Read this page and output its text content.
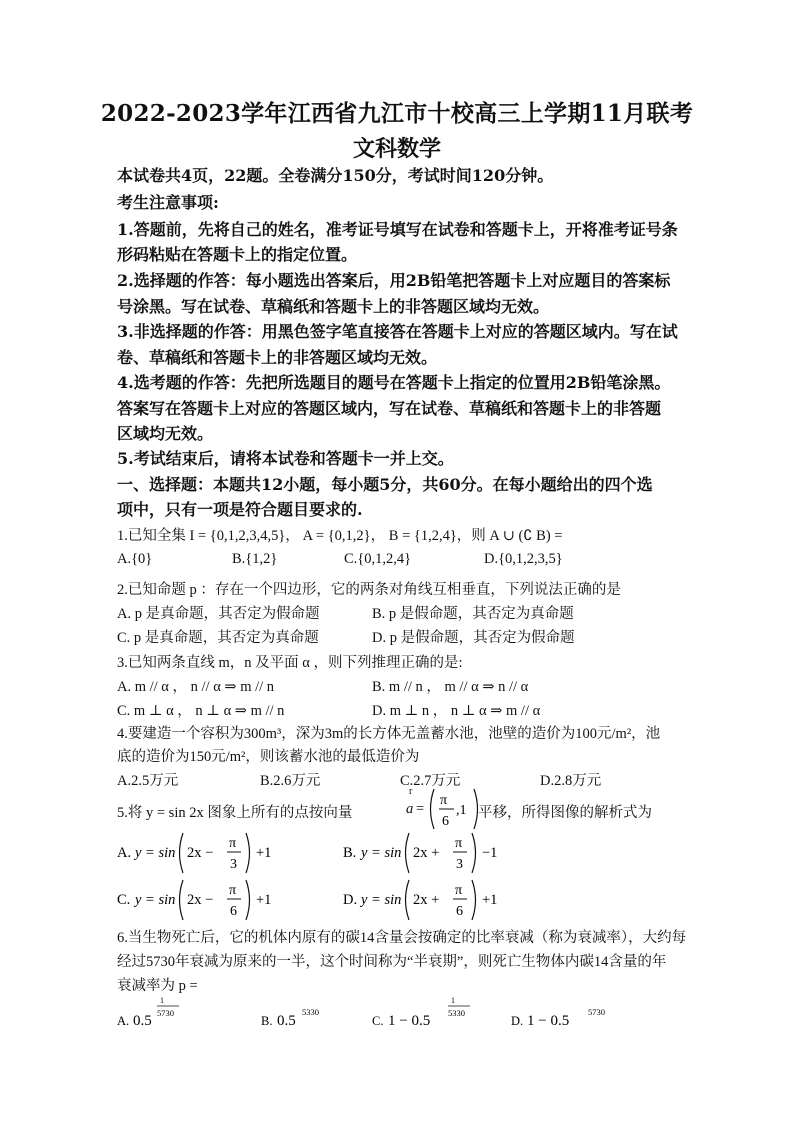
2022-2023学年江西省九江市十校高三上学期11月联考
文科数学
本试卷共4页，22题。全卷满分150分，考试时间120分钟。
考生注意事项:
1.答题前，先将自己的姓名，准考证号填写在试卷和答题卡上，开将准考证号条
形码粘贴在答题卡上的指定位置。
2.选择题的作答：每小题选出答案后，用2B铅笔把答题卡上对应题目的答案标
号涂黑。写在试卷、草稿纸和答题卡上的非答题区域均无效。
3.非选择题的作答：用黑色签字笔直接答在答题卡上对应的答题区域内。写在试
卷、草稿纸和答题卡上的非答题区域均无效。
4.选考题的作答：先把所选题目的题号在答题卡上指定的位置用2B铅笔涂黑。
答案写在答题卡上对应的答题区域内，写在试卷、草稿纸和答题卡上的非答题
区域均无效。
5.考试结束后，请将本试卷和答题卡一并上交。
一、选择题：本题共12小题，每小题5分，共60分。在每小题给出的四个选
项中，只有一项是符合题目要求的.
1.已知全集 I = {0,1,2,3,4,5}， A = {0,1,2}， B = {1,2,4}，则 A ∪ (∁ B) =
A.{0}	B.{1,2}	C.{0,1,2,4}	D.{0,1,2,3,5}
2.已知命题 p ：存在一个四边形，它的两条对角线互相垂直，下列说法正确的是
A. p 是真命题，其否定为假命题	B. p 是假命题，其否定为真命题
C. p 是真命题，其否定为真命题	D. p 是假命题，其否定为假命题
3.已知两条直线 m，n 及平面 α ，则下列推理正确的是:
A. m // α ， n // α ⇒ m // n	B. m // n ， m // α ⇒ n // α
C. m ⊥ α ， n ⊥ α ⇒ m // n	D. m ⊥ n ， n ⊥ α ⇒ m // α
4.要建造一个容积为300m³，深为3m的长方体无盖蓄水池，池壁的造价为100元/m²，池
底的造价为150元/m²，则该蓄水池的最低造价为
A.2.5万元	B.2.6万元	C.2.7万元	D.2.8万元
5.将 y = sin 2x 图象上所有的点按向量
r
a =
π
6
,1 平移，所得图像的解析式为
A. y = sin 2x −
π
3
+1	B. y = sin 2x +
π
3
−1
C. y = sin 2x −
π
6
+1	D. y = sin 2x +
π
6
+1
6.当生物死亡后，它的机体内原有的碳14含量会按确定的比率衰减（称为衰减率），大约每
经过5730年衰减为原来的一半，这个时间称为“半衰期”，则死亡生物体内碳14含量的年
衰减率为 p =
A. 0.5
1
5730
B. 0.5
5330
C. 1 − 0.5
1
5330
D. 1 − 0.5
5730
